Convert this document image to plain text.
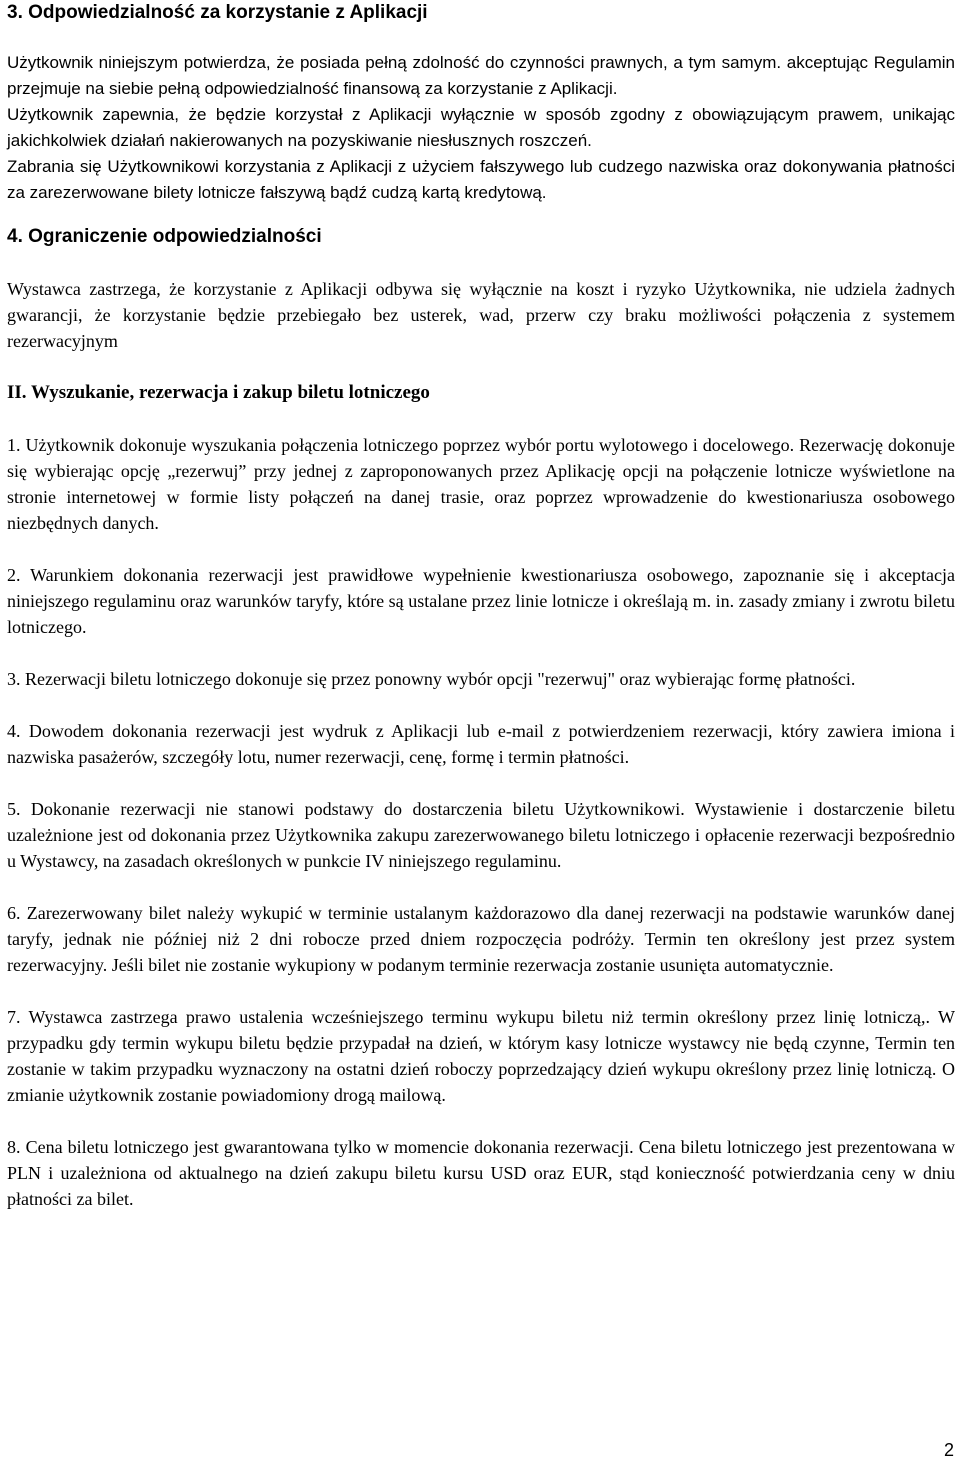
3. Odpowiedzialność za korzystanie z Aplikacji

Użytkownik niniejszym potwierdza, że posiada pełną zdolność do czynności prawnych, a tym samym. akceptując Regulamin przejmuje na siebie pełną odpowiedzialność finansową za korzystanie z Aplikacji.

Użytkownik zapewnia, że będzie korzystał z Aplikacji wyłącznie w sposób zgodny z obowiązującym prawem, unikając jakichkolwiek działań nakierowanych na pozyskiwanie niesłusznych roszczeń.

Zabrania się Użytkownikowi korzystania z Aplikacji z użyciem fałszywego lub cudzego nazwiska oraz dokonywania płatności za zarezerwowane bilety lotnicze fałszywą bądź cudzą kartą kredytową.

4. Ograniczenie odpowiedzialności

Wystawca zastrzega, że korzystanie z Aplikacji odbywa się wyłącznie na koszt i ryzyko Użytkownika, nie udziela żadnych gwarancji, że korzystanie będzie przebiegało bez usterek, wad, przerw czy braku możliwości połączenia z systemem rezerwacyjnym

II. Wyszukanie, rezerwacja i zakup biletu lotniczego

1. Użytkownik dokonuje wyszukania połączenia lotniczego poprzez wybór portu wylotowego i docelowego. Rezerwację dokonuje się wybierając opcję „rezerwuj” przy jednej z zaproponowanych przez Aplikację opcji na połączenie lotnicze wyświetlone na stronie internetowej w formie listy połączeń na danej trasie, oraz poprzez wprowadzenie do kwestionariusza osobowego niezbędnych danych.

2. Warunkiem dokonania rezerwacji jest prawidłowe wypełnienie kwestionariusza osobowego, zapoznanie się i akceptacja niniejszego regulaminu oraz warunków taryfy, które są ustalane przez linie lotnicze i określają m. in. zasady zmiany i zwrotu biletu lotniczego.

3. Rezerwacji biletu lotniczego dokonuje się przez ponowny wybór opcji "rezerwuj" oraz wybierając formę płatności.

4. Dowodem dokonania rezerwacji jest wydruk z Aplikacji lub e-mail z potwierdzeniem rezerwacji, który zawiera imiona i nazwiska pasażerów, szczegóły lotu, numer rezerwacji, cenę, formę i termin płatności.

5. Dokonanie rezerwacji nie stanowi podstawy do dostarczenia biletu Użytkownikowi. Wystawienie i dostarczenie biletu uzależnione jest od dokonania przez Użytkownika zakupu zarezerwowanego biletu lotniczego i opłacenie rezerwacji bezpośrednio u Wystawcy, na zasadach określonych w punkcie IV niniejszego regulaminu.

6. Zarezerwowany bilet należy wykupić w terminie ustalanym każdorazowo dla danej rezerwacji na podstawie warunków danej taryfy, jednak nie później niż 2 dni robocze przed dniem rozpoczęcia podróży. Termin ten określony jest przez system rezerwacyjny. Jeśli bilet nie zostanie wykupiony w podanym terminie rezerwacja zostanie usunięta automatycznie.

7. Wystawca zastrzega prawo ustalenia wcześniejszego terminu wykupu biletu niż termin określony przez linię lotniczą,. W przypadku gdy termin wykupu biletu będzie przypadał na dzień, w którym kasy lotnicze wystawcy nie będą czynne, Termin ten zostanie w takim przypadku wyznaczony na ostatni dzień roboczy poprzedzający dzień wykupu określony przez linię lotniczą. O zmianie użytkownik zostanie powiadomiony drogą mailową.

8. Cena biletu lotniczego jest gwarantowana tylko w momencie dokonania rezerwacji. Cena biletu lotniczego jest prezentowana w PLN i uzależniona od aktualnego na dzień zakupu biletu kursu USD oraz EUR, stąd konieczność potwierdzania ceny w dniu płatności za bilet.

2
